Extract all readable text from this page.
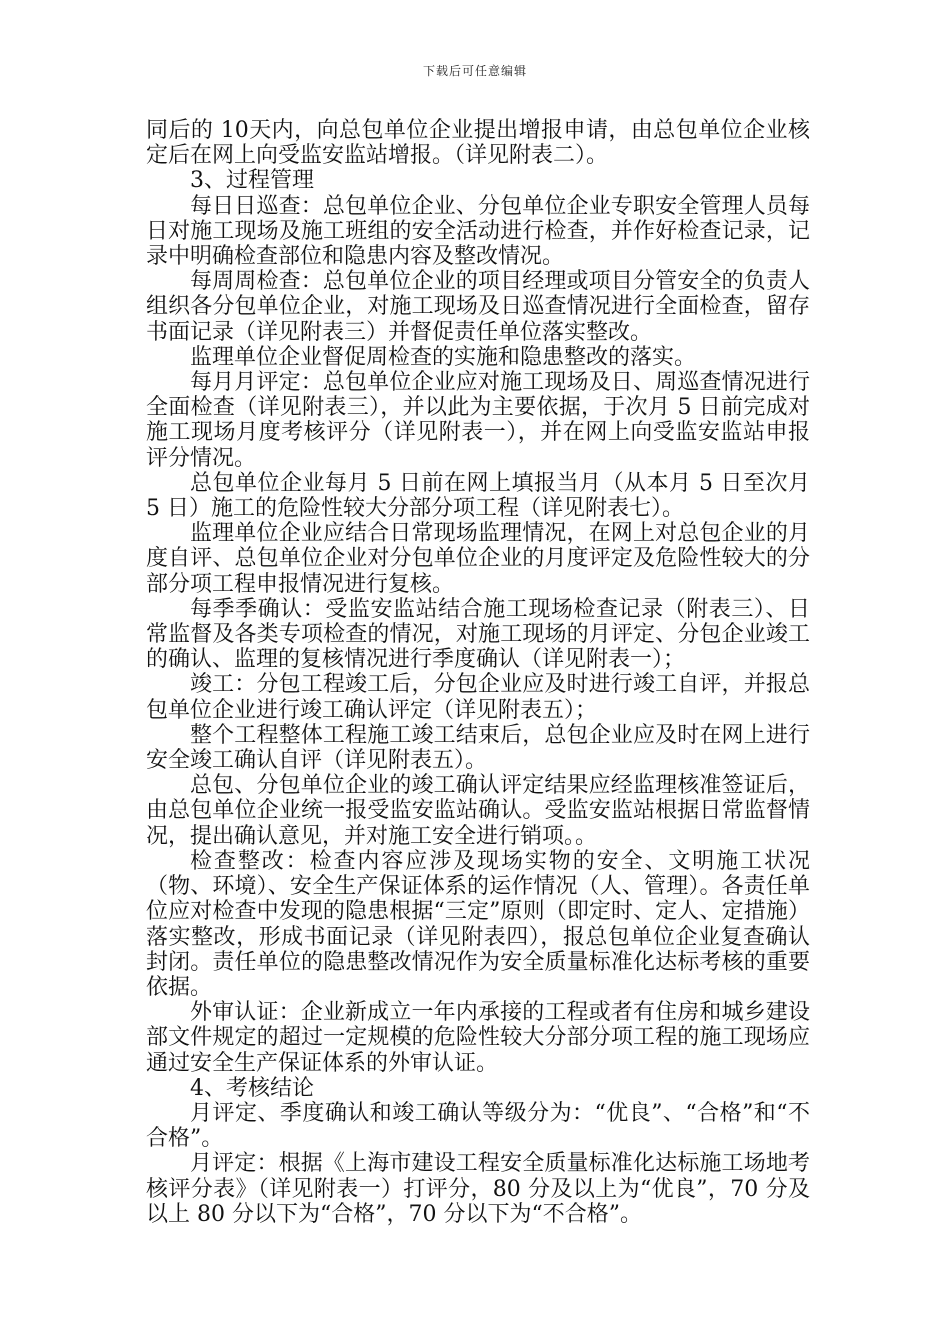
下载后可任意编辑

同后的 10天内，向总包单位企业提出增报申请，由总包单位企业核定后在网上向受监安监站增报。（详见附表二）。

3、过程管理

每日日巡查：总包单位企业、分包单位企业专职安全管理人员每日对施工现场及施工班组的安全活动进行检查，并作好检查记录，记录中明确检查部位和隐患内容及整改情况。

每周周检查：总包单位企业的项目经理或项目分管安全的负责人组织各分包单位企业，对施工现场及日巡查情况进行全面检查，留存书面记录（详见附表三）并督促责任单位落实整改。

监理单位企业督促周检查的实施和隐患整改的落实。

每月月评定：总包单位企业应对施工现场及日、周巡查情况进行全面检查（详见附表三），并以此为主要依据，于次月 5 日前完成对施工现场月度考核评分（详见附表一），并在网上向受监安监站申报评分情况。

总包单位企业每月 5 日前在网上填报当月（从本月 5 日至次月 5 日）施工的危险性较大分部分项工程（详见附表七）。

监理单位企业应结合日常现场监理情况，在网上对总包企业的月度自评、总包单位企业对分包单位企业的月度评定及危险性较大的分部分项工程申报情况进行复核。

每季季确认：受监安监站结合施工现场检查记录（附表三）、日常监督及各类专项检查的情况，对施工现场的月评定、分包企业竣工的确认、监理的复核情况进行季度确认（详见附表一）；

竣工：分包工程竣工后，分包企业应及时进行竣工自评，并报总包单位企业进行竣工确认评定（详见附表五）；

整个工程整体工程施工竣工结束后，总包企业应及时在网上进行安全竣工确认自评（详见附表五）。

总包、分包单位企业的竣工确认评定结果应经监理核准签证后，由总包单位企业统一报受监安监站确认。受监安监站根据日常监督情况，提出确认意见，并对施工安全进行销项。。

检查整改：检查内容应涉及现场实物的安全、文明施工状况（物、环境）、安全生产保证体系的运作情况（人、管理）。各责任单位应对检查中发现的隐患根据“三定”原则（即定时、定人、定措施）落实整改，形成书面记录（详见附表四），报总包单位企业复查确认封闭。责任单位的隐患整改情况作为安全质量标准化达标考核的重要依据。

外审认证：企业新成立一年内承接的工程或者有住房和城乡建设部文件规定的超过一定规模的危险性较大分部分项工程的施工现场应通过安全生产保证体系的外审认证。

4、考核结论

月评定、季度确认和竣工确认等级分为：“优良”、“合格”和“不合格”。

月评定：根据《上海市建设工程安全质量标准化达标施工场地考核评分表》（详见附表一）打评分，80 分及以上为“优良”，70 分及以上 80 分以下为“合格”，70 分以下为“不合格”。
